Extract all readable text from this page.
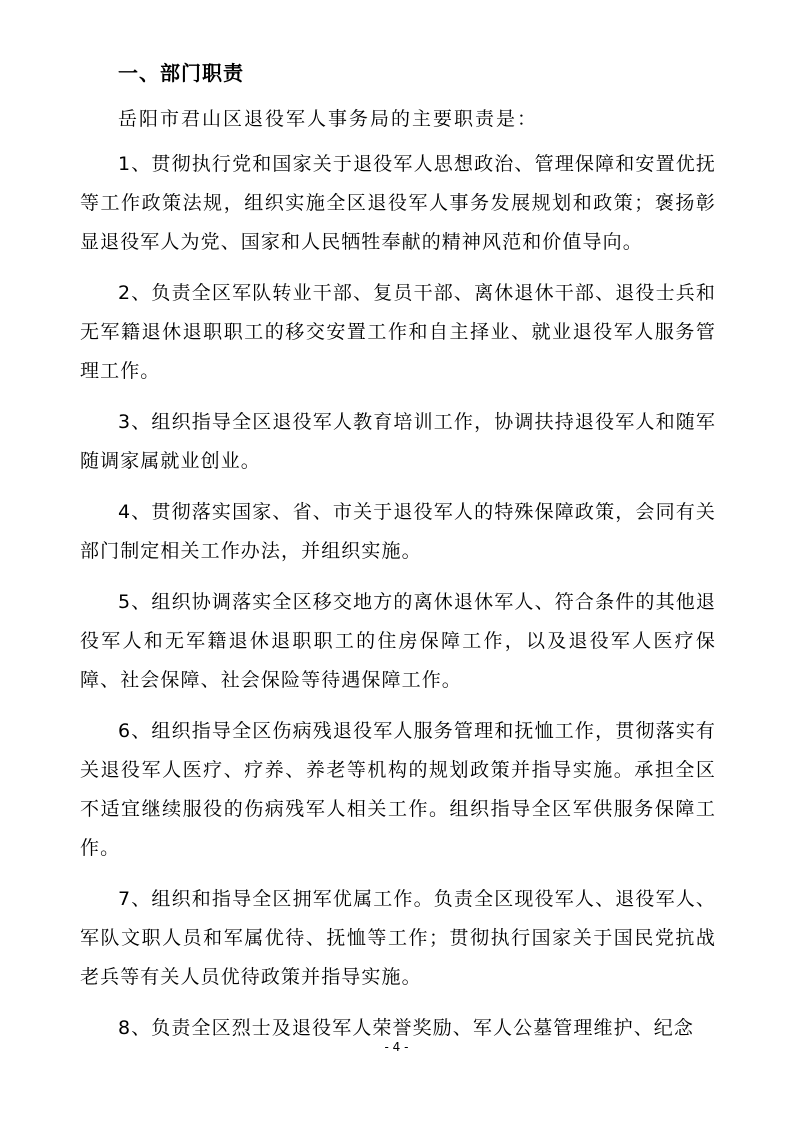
一、部门职责
岳阳市君山区退役军人事务局的主要职责是：

1、贯彻执行党和国家关于退役军人思想政治、管理保障和安置优抚等工作政策法规，组织实施全区退役军人事务发展规划和政策；褒扬彰显退役军人为党、国家和人民牺牲奉献的精神风范和价值导向。

2、负责全区军队转业干部、复员干部、离休退休干部、退役士兵和无军籍退休退职职工的移交安置工作和自主择业、就业退役军人服务管理工作。

3、组织指导全区退役军人教育培训工作，协调扶持退役军人和随军随调家属就业创业。

4、贯彻落实国家、省、市关于退役军人的特殊保障政策，会同有关部门制定相关工作办法，并组织实施。

5、组织协调落实全区移交地方的离休退休军人、符合条件的其他退役军人和无军籍退休退职职工的住房保障工作，以及退役军人医疗保障、社会保障、社会保险等待遇保障工作。

6、组织指导全区伤病残退役军人服务管理和抚恤工作，贯彻落实有关退役军人医疗、疗养、养老等机构的规划政策并指导实施。承担全区不适宜继续服役的伤病残军人相关工作。组织指导全区军供服务保障工作。

7、组织和指导全区拥军优属工作。负责全区现役军人、退役军人、军队文职人员和军属优待、抚恤等工作；贯彻执行国家关于国民党抗战老兵等有关人员优待政策并指导实施。

8、负责全区烈士及退役军人荣誉奖励、军人公墓管理维护、纪念

- 4 -
